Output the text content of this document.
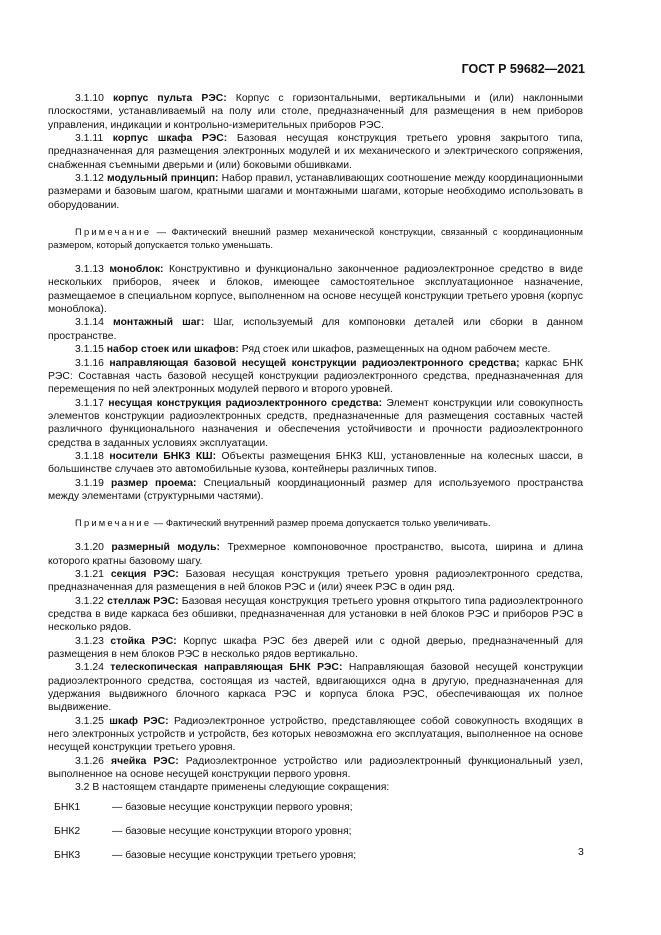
ГОСТ Р 59682—2021

3.1.10 корпус пульта РЭС: Корпус с горизонтальными, вертикальными и (или) наклонными плоскостями, устанавливаемый на полу или столе, предназначенный для размещения в нем приборов управления, индикации и контрольно-измерительных приборов РЭС.

3.1.11 корпус шкафа РЭС: Базовая несущая конструкция третьего уровня закрытого типа, предназначенная для размещения электронных модулей и их механического и электрического сопряжения, снабженная съемными дверьми и (или) боковыми обшивками.

3.1.12 модульный принцип: Набор правил, устанавливающих соотношение между координационными размерами и базовым шагом, кратными шагами и монтажными шагами, которые необходимо использовать в оборудовании.

Примечание — Фактический внешний размер механической конструкции, связанный с координационным размером, который допускается только уменьшать.

3.1.13 моноблок: Конструктивно и функционально законченное радиоэлектронное средство в виде нескольких приборов, ячеек и блоков, имеющее самостоятельное эксплуатационное назначение, размещаемое в специальном корпусе, выполненном на основе несущей конструкции третьего уровня (корпус моноблока).

3.1.14 монтажный шаг: Шаг, используемый для компоновки деталей или сборки в данном пространстве.

3.1.15 набор стоек или шкафов: Ряд стоек или шкафов, размещенных на одном рабочем месте.

3.1.16 направляющая базовой несущей конструкции радиоэлектронного средства; каркас БНК РЭС: Составная часть базовой несущей конструкции радиоэлектронного средства, предназначенная для перемещения по ней электронных модулей первого и второго уровней.

3.1.17 несущая конструкция радиоэлектронного средства: Элемент конструкции или совокупность элементов конструкции радиоэлектронных средств, предназначенные для размещения составных частей различного функционального назначения и обеспечения устойчивости и прочности радиоэлектронного средства в заданных условиях эксплуатации.

3.1.18 носители БНК3 КШ: Объекты размещения БНК3 КШ, установленные на колесных шасси, в большинстве случаев это автомобильные кузова, контейнеры различных типов.

3.1.19 размер проема: Специальный координационный размер для используемого пространства между элементами (структурными частями).

Примечание — Фактический внутренний размер проема допускается только увеличивать.

3.1.20 размерный модуль: Трехмерное компоновочное пространство, высота, ширина и длина которого кратны базовому шагу.

3.1.21 секция РЭС: Базовая несущая конструкция третьего уровня радиоэлектронного средства, предназначенная для размещения в ней блоков РЭС и (или) ячеек РЭС в один ряд.

3.1.22 стеллаж РЭС: Базовая несущая конструкция третьего уровня открытого типа радиоэлектронного средства в виде каркаса без обшивки, предназначенная для установки в ней блоков РЭС и приборов РЭС в несколько рядов.

3.1.23 стойка РЭС: Корпус шкафа РЭС без дверей или с одной дверью, предназначенный для размещения в нем блоков РЭС в несколько рядов вертикально.

3.1.24 телескопическая направляющая БНК РЭС: Направляющая базовой несущей конструкции радиоэлектронного средства, состоящая из частей, вдвигающихся одна в другую, предназначенная для удержания выдвижного блочного каркаса РЭС и корпуса блока РЭС, обеспечивающая их полное выдвижение.

3.1.25 шкаф РЭС: Радиоэлектронное устройство, представляющее собой совокупность входящих в него электронных устройств и устройств, без которых невозможна его эксплуатация, выполненное на основе несущей конструкции третьего уровня.

3.1.26 ячейка РЭС: Радиоэлектронное устройство или радиоэлектронный функциональный узел, выполненное на основе несущей конструкции первого уровня.

3.2 В настоящем стандарте применены следующие сокращения:

БНК1	— базовые несущие конструкции первого уровня;
БНК2	— базовые несущие конструкции второго уровня;
БНК3	— базовые несущие конструкции третьего уровня;	3
